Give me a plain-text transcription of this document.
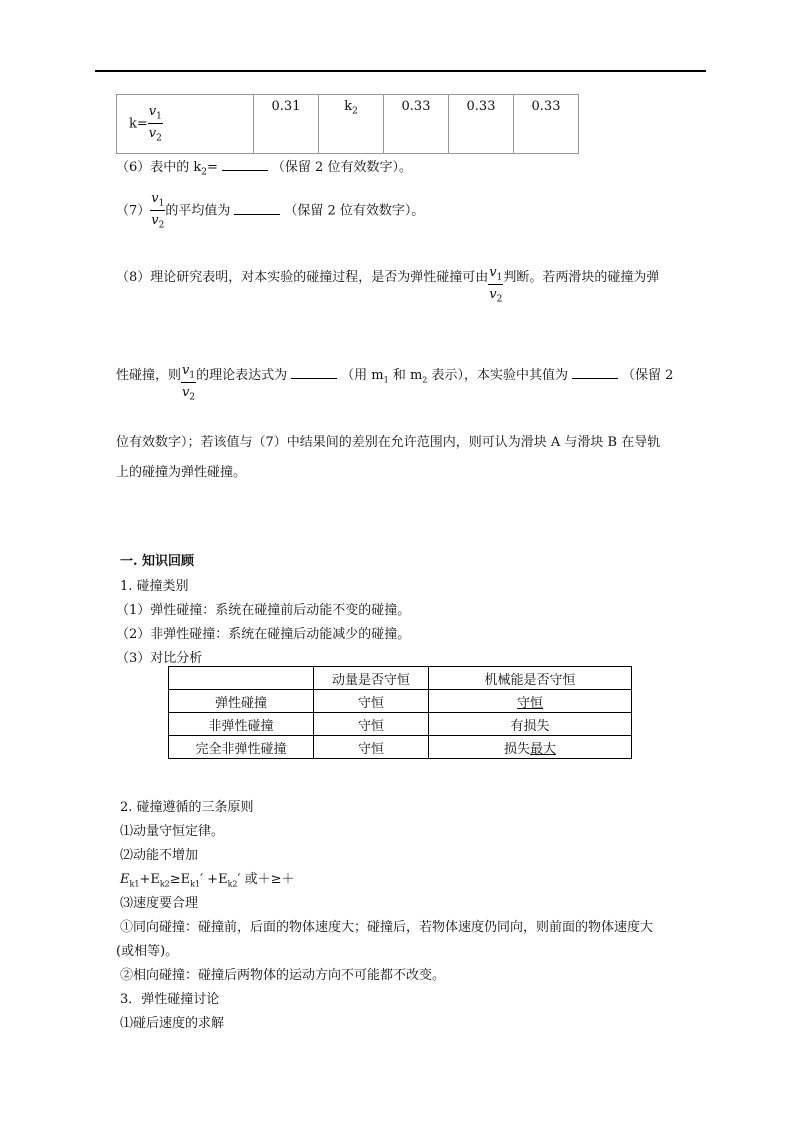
$k= \frac{v_1}{v_2}$	0.31	$k_2$	0.33	0.33	0.33
（6）表中的 $k_2=$	（保留 2 位有效数字）。
$(7) \frac{v_1}{v_2}$ 的平均值为	（保留 2 位有效数字）。
（8）理论研究表明，对本实验的碰撞过程，是否为弹性碰撞可由 $\frac{v_1}{v_2}$ 判断。若两滑块的碰撞为弹
性碰撞，则 $\frac{v_1}{v_2}$ 的理论表达式为	（用 $m_1$ 和 $m_2$ 表示），本实验中其值为	（保留 2
位有效数字）；若该值与（7）中结果间的差别在允许范围内，则可认为滑块 A 与滑块 B 在导轨
上的碰撞为弹性碰撞。
一. 知识回顾
1. 碰撞类别
（1）弹性碰撞：系统在碰撞前后动能不变的碰撞。
（2）非弹性碰撞：系统在碰撞后动能减少的碰撞。
（3）对比分析
	动量是否守恒	机械能是否守恒
弹性碰撞	守恒	守恒
非弹性碰撞	守恒	有损失
完全非弹性碰撞	守恒	损失最大
2. 碰撞遵循的三条原则
⑴动量守恒定律。
⑵动能不增加
$E_{k1}+E_{k2}\ge E_{k1}' +E_{k2}'$ 或＋≥＋
⑶速度要合理
①同向碰撞：碰撞前，后面的物体速度大；碰撞后，若物体速度仍同向，则前面的物体速度大
(或相等)。
②相向碰撞：碰撞后两物体的运动方向不可能都不改变。
3．弹性碰撞讨论
⑴碰后速度的求解
